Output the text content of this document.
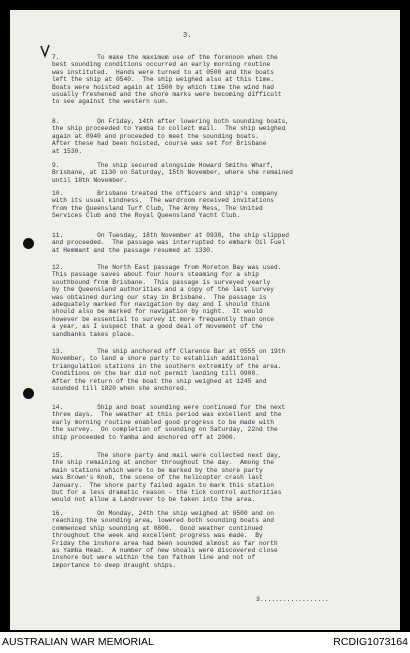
3.
7.          To make the maximum use of the forenoon when the
best sounding conditions occurred an early morning routine
was instituted.  Hands were turned to at 0500 and the boats
left the ship at 0540.  The ship weighed also at this time.
Boats were hoisted again at 1500 by which time the wind had
usually freshened and the shore marks were becoming difficult
to see against the western sun.
8.          On Friday, 14th after lowering both sounding boats,
the ship proceeded to Yamba to collect mail.  The ship weighed
again at 0940 and proceeded to meet the sounding boats.
After these had been hoisted, course was set for Brisbane
at 1530.
9.          The ship secured alongside Howard Smiths Wharf,
Brisbane, at 1130 on Saturday, 15th November, where she remained
until 18th November.
10.         Brisbane treated the officers and ship's company
with its usual kindness.  The wardroom received invitations
from the Queensland Turf Club, The Army Mess, The United
Services Club and the Royal Queensland Yacht Club.
11.         On Tuesday, 18th November at 0930, the ship slipped
and proceeded.  The passage was interrupted to embark Oil Fuel
at Hemmant and the passage resumed at 1330.
12.         The North East passage from Moreton Bay was used.
This passage saves about four hours steaming for a ship
southbound from Brisbane.  This passage is surveyed yearly
by the Queensland authorities and a copy of the last survey
was obtained during our stay in Brisbane.  The passage is
adequately marked for navigation by day and I should think
should also be marked for navigation by night.  It would
however be essential to survey it more frequently than once
a year, as I suspect that a good deal of movement of the
sandbanks takes place.
13.         The ship anchored off Clarence Bar at 0555 on 19th
November, to land a shore party to establish additional
triangulation stations in the southern extremity of the area.
Conditions on the bar did not permit landing till 0900.
After the return of the boat the ship weighed at 1245 and
sounded till 1820 when she anchored.
14.         Ship and boat sounding were continued for the next
three days.  The weather at this period was excellent and the
early morning routine enabled good progress to be made with
the survey.  On completion of sounding on Saturday, 22nd the
ship proceeded to Yamba and anchored off at 2000.
15.         The shore party and mail were collected next day,
the ship remaining at anchor throughout the day.  Among the
main stations which were to be marked by the shore party
was Brown's Knob, the scene of the helicopter crash last
January.  The shore party failed again to mark this station
but for a less dramatic reason - the tick control authorities
would not allow a Landrover to be taken into the area.
16.         On Monday, 24th the ship weighed at 0500 and on
reaching the sounding area, lowered both sounding boats and
commenced ship sounding at 0800.  Good weather continued
throughout the week and excellent progress was made.  By
Friday the inshore area had been sounded almost as far north
as Yamba Head.  A number of new shoals were discovered close
inshore but were within the ten fathom line and not of
importance to deep draught ships.
3..................
AUSTRALIAN WAR MEMORIAL	RCDIG1073164
